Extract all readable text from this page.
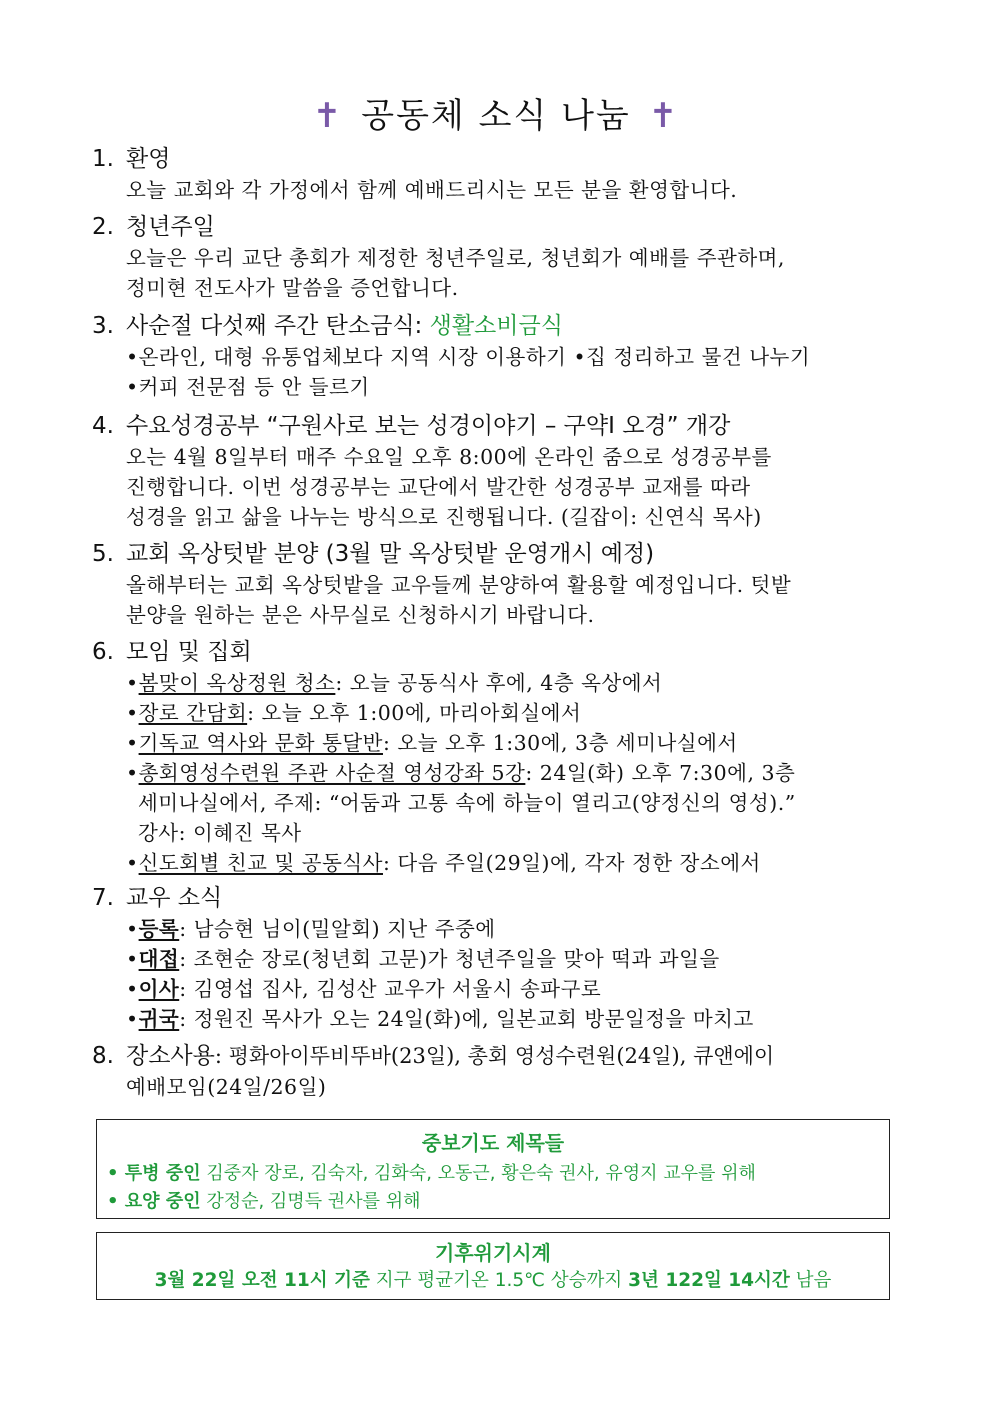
✝ 공동체 소식 나눔 ✝
1. 환영
오늘 교회와 각 가정에서 함께 예배드리시는 모든 분을 환영합니다.
2. 청년주일
오늘은 우리 교단 총회가 제정한 청년주일로, 청년회가 예배를 주관하며,
정미현 전도사가 말씀을 증언합니다.
3. 사순절 다섯째 주간 탄소금식: 생활소비금식
•온라인, 대형 유통업체보다 지역 시장 이용하기 •집 정리하고 물건 나누기
•커피 전문점 등 안 들르기
4. 수요성경공부 “구원사로 보는 성경이야기 – 구약Ⅰ 오경” 개강
오는 4월 8일부터 매주 수요일 오후 8:00에 온라인 줌으로 성경공부를
진행합니다. 이번 성경공부는 교단에서 발간한 성경공부 교재를 따라
성경을 읽고 삶을 나누는 방식으로 진행됩니다. (길잡이: 신연식 목사)
5. 교회 옥상텃밭 분양 (3월 말 옥상텃밭 운영개시 예정)
올해부터는 교회 옥상텃밭을 교우들께 분양하여 활용할 예정입니다. 텃밭
분양을 원하는 분은 사무실로 신청하시기 바랍니다.
6. 모임 및 집회
•봄맞이 옥상정원 청소: 오늘 공동식사 후에, 4층 옥상에서
•장로 간담회: 오늘 오후 1:00에, 마리아회실에서
•기독교 역사와 문화 통달반: 오늘 오후 1:30에, 3층 세미나실에서
•총회영성수련원 주관 사순절 영성강좌 5강: 24일(화) 오후 7:30에, 3층
세미나실에서, 주제: “어둠과 고통 속에 하늘이 열리고(양정신의 영성).”
강사: 이혜진 목사
•신도회별 친교 및 공동식사: 다음 주일(29일)에, 각자 정한 장소에서
7. 교우 소식
•등록: 남승현 님이(밀알회) 지난 주중에
•대접: 조현순 장로(청년회 고문)가 청년주일을 맞아 떡과 과일을
•이사: 김영섭 집사, 김성산 교우가 서울시 송파구로
•귀국: 정원진 목사가 오는 24일(화)에, 일본교회 방문일정을 마치고
8. 장소사용: 평화아이뚜비뚜바(23일), 총회 영성수련원(24일), 큐앤에이
예배모임(24일/26일)
중보기도 제목들
• 투병 중인 김중자 장로, 김숙자, 김화숙, 오동근, 황은숙 권사, 유영지 교우를 위해
• 요양 중인 강정순, 김명득 권사를 위해
기후위기시계
3월 22일 오전 11시 기준 지구 평균기온 1.5℃ 상승까지 3년 122일 14시간 남음
